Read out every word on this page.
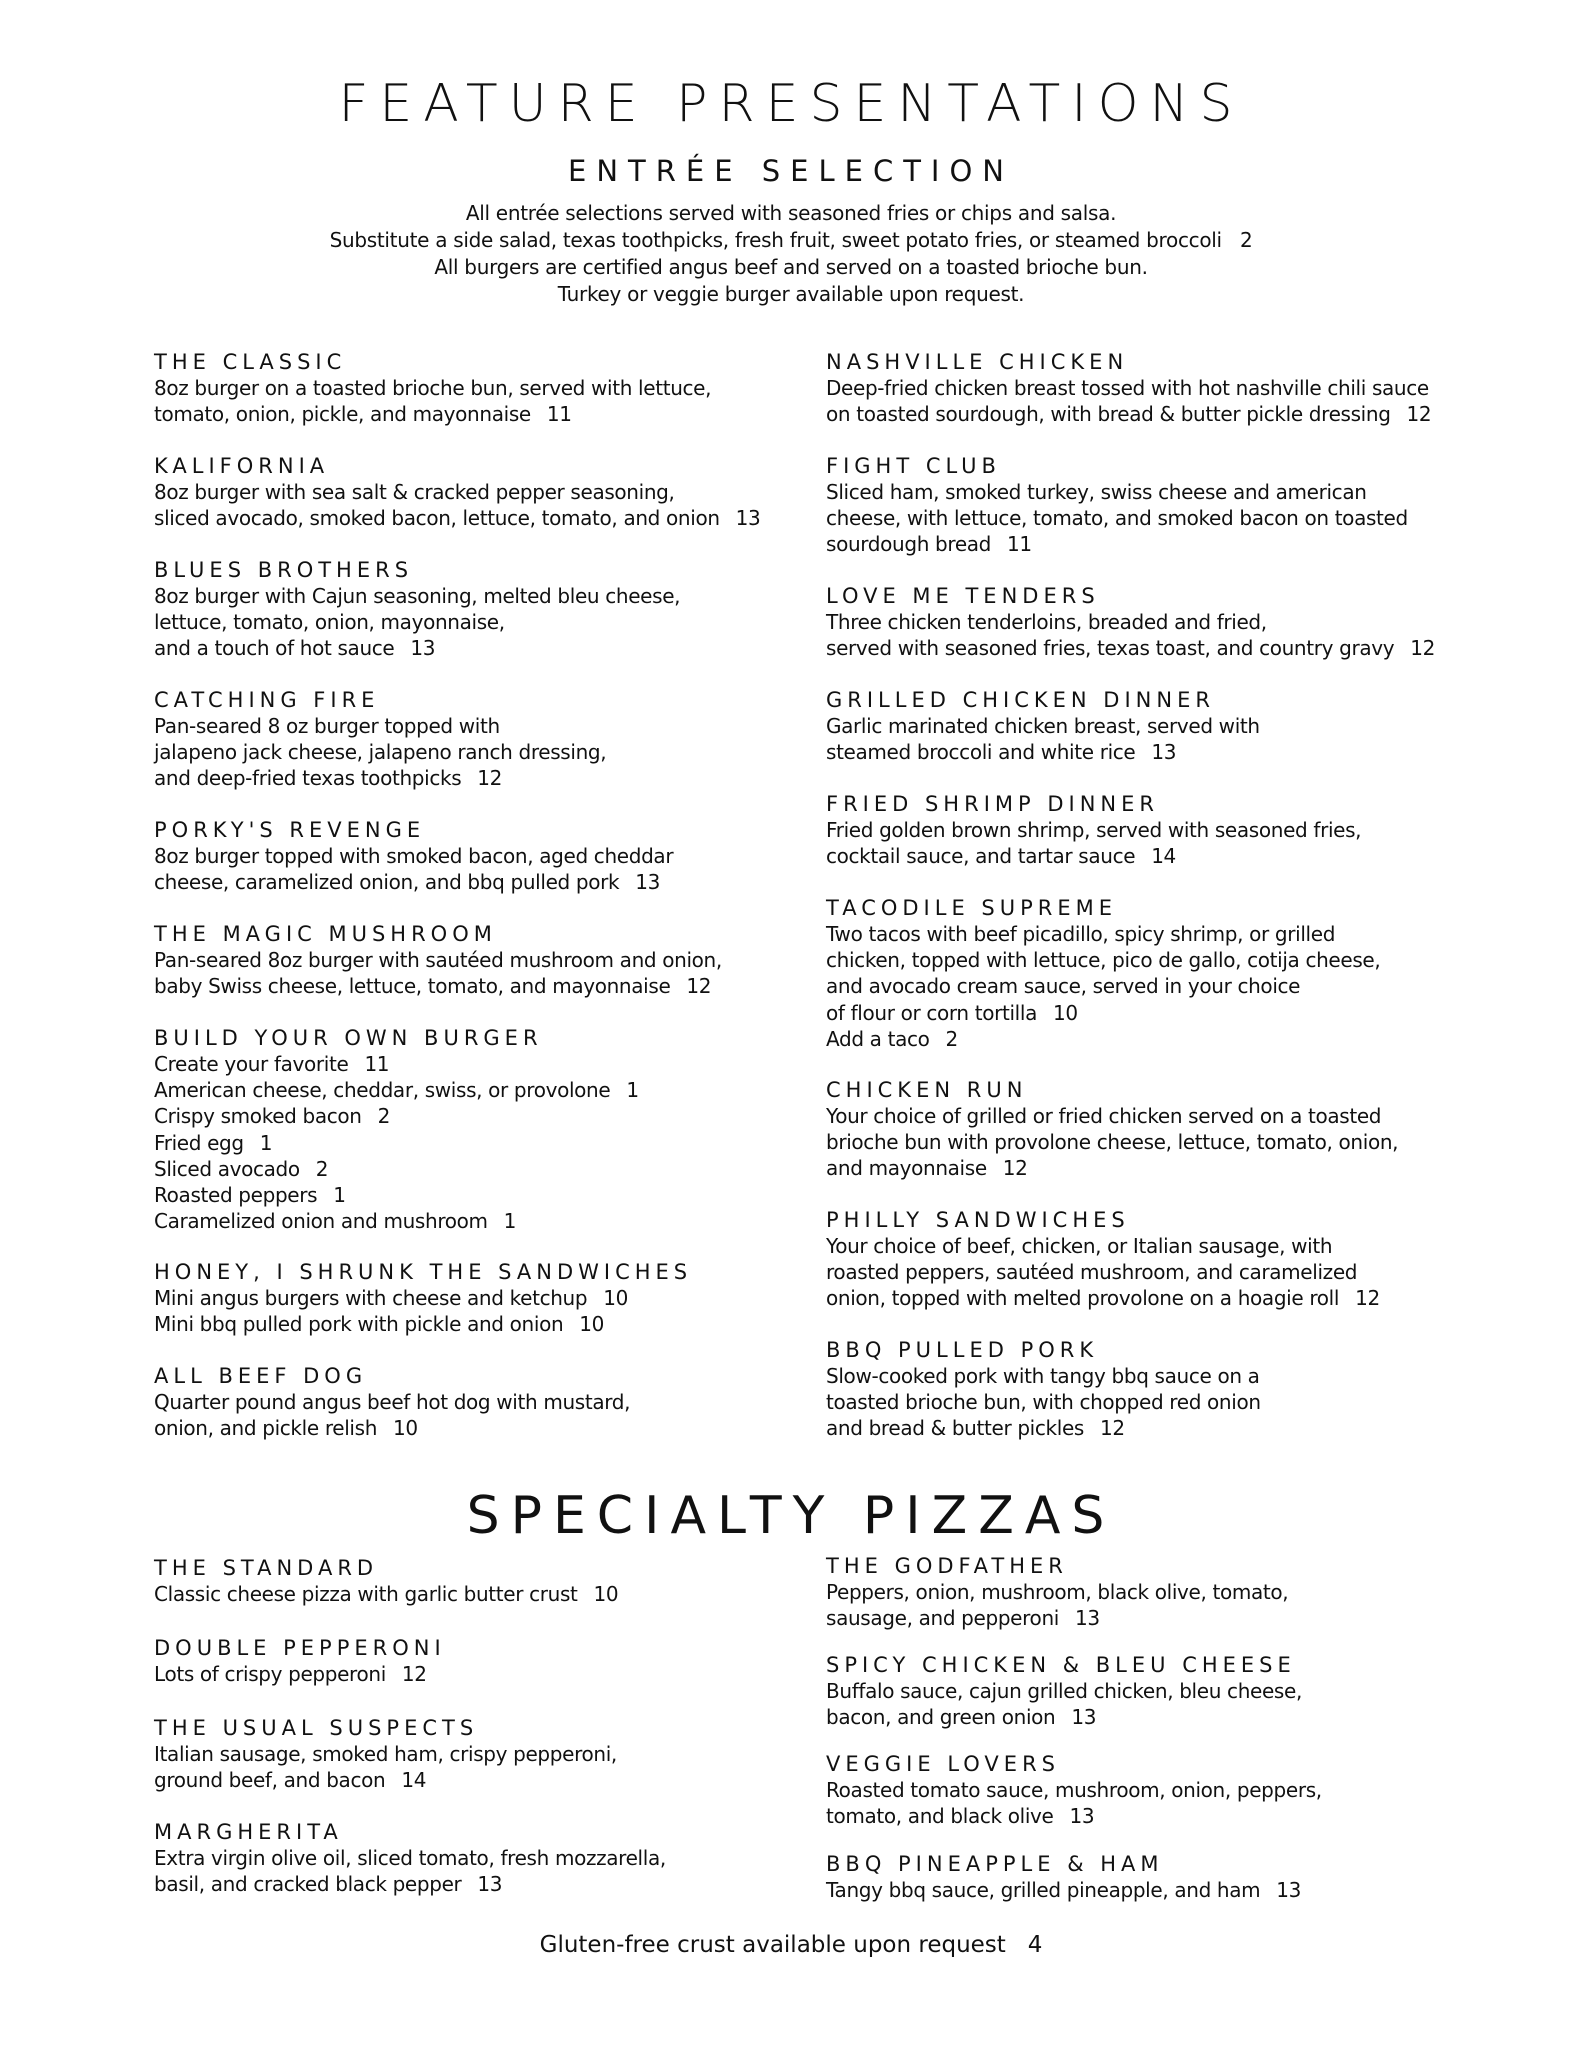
FEATURE PRESENTATIONS
ENTRÉE SELECTION
All entrée selections served with seasoned fries or chips and salsa.
Substitute a side salad, texas toothpicks, fresh fruit, sweet potato fries, or steamed broccoli   2
All burgers are certified angus beef and served on a toasted brioche bun.
Turkey or veggie burger available upon request.
SPECIALTY PIZZAS
Gluten-free crust available upon request   4
THE CLASSIC
8oz burger on a toasted brioche bun, served with lettuce,
tomato, onion, pickle, and mayonnaise 11
KALIFORNIA
8oz burger with sea salt & cracked pepper seasoning,
sliced avocado, smoked bacon, lettuce, tomato, and onion 13
BLUES BROTHERS
8oz burger with Cajun seasoning, melted bleu cheese,
lettuce, tomato, onion, mayonnaise,
and a touch of hot sauce 13
CATCHING FIRE
Pan-seared 8 oz burger topped with
jalapeno jack cheese, jalapeno ranch dressing,
and deep-fried texas toothpicks 12
PORKY'S REVENGE
8oz burger topped with smoked bacon, aged cheddar
cheese, caramelized onion, and bbq pulled pork 13
THE MAGIC MUSHROOM
Pan-seared 8oz burger with sautéed mushroom and onion,
baby Swiss cheese, lettuce, tomato, and mayonnaise 12
BUILD YOUR OWN BURGER
Create your favorite 11
American cheese, cheddar, swiss, or provolone 1
Crispy smoked bacon 2
Fried egg 1
Sliced avocado 2
Roasted peppers 1
Caramelized onion and mushroom 1
HONEY, I SHRUNK THE SANDWICHES
Mini angus burgers with cheese and ketchup 10
Mini bbq pulled pork with pickle and onion 10
ALL BEEF DOG
Quarter pound angus beef hot dog with mustard,
onion, and pickle relish 10
NASHVILLE CHICKEN
Deep-fried chicken breast tossed with hot nashville chili sauce
on toasted sourdough, with bread & butter pickle dressing 12
FIGHT CLUB
Sliced ham, smoked turkey, swiss cheese and american
cheese, with lettuce, tomato, and smoked bacon on toasted
sourdough bread 11
LOVE ME TENDERS
Three chicken tenderloins, breaded and fried,
served with seasoned fries, texas toast, and country gravy 12
GRILLED CHICKEN DINNER
Garlic marinated chicken breast, served with
steamed broccoli and white rice 13
FRIED SHRIMP DINNER
Fried golden brown shrimp, served with seasoned fries,
cocktail sauce, and tartar sauce 14
TACODILE SUPREME
Two tacos with beef picadillo, spicy shrimp, or grilled
chicken, topped with lettuce, pico de gallo, cotija cheese,
and avocado cream sauce, served in your choice
of flour or corn tortilla 10
Add a taco 2
CHICKEN RUN
Your choice of grilled or fried chicken served on a toasted
brioche bun with provolone cheese, lettuce, tomato, onion,
and mayonnaise 12
PHILLY SANDWICHES
Your choice of beef, chicken, or Italian sausage, with
roasted peppers, sautéed mushroom, and caramelized
onion, topped with melted provolone on a hoagie roll 12
BBQ PULLED PORK
Slow-cooked pork with tangy bbq sauce on a
toasted brioche bun, with chopped red onion
and bread & butter pickles 12
THE STANDARD
Classic cheese pizza with garlic butter crust 10
DOUBLE PEPPERONI
Lots of crispy pepperoni 12
THE USUAL SUSPECTS
Italian sausage, smoked ham, crispy pepperoni,
ground beef, and bacon 14
MARGHERITA
Extra virgin olive oil, sliced tomato, fresh mozzarella,
basil, and cracked black pepper 13
THE GODFATHER
Peppers, onion, mushroom, black olive, tomato,
sausage, and pepperoni 13
SPICY CHICKEN & BLEU CHEESE
Buffalo sauce, cajun grilled chicken, bleu cheese,
bacon, and green onion 13
VEGGIE LOVERS
Roasted tomato sauce, mushroom, onion, peppers,
tomato, and black olive 13
BBQ PINEAPPLE & HAM
Tangy bbq sauce, grilled pineapple, and ham 13
